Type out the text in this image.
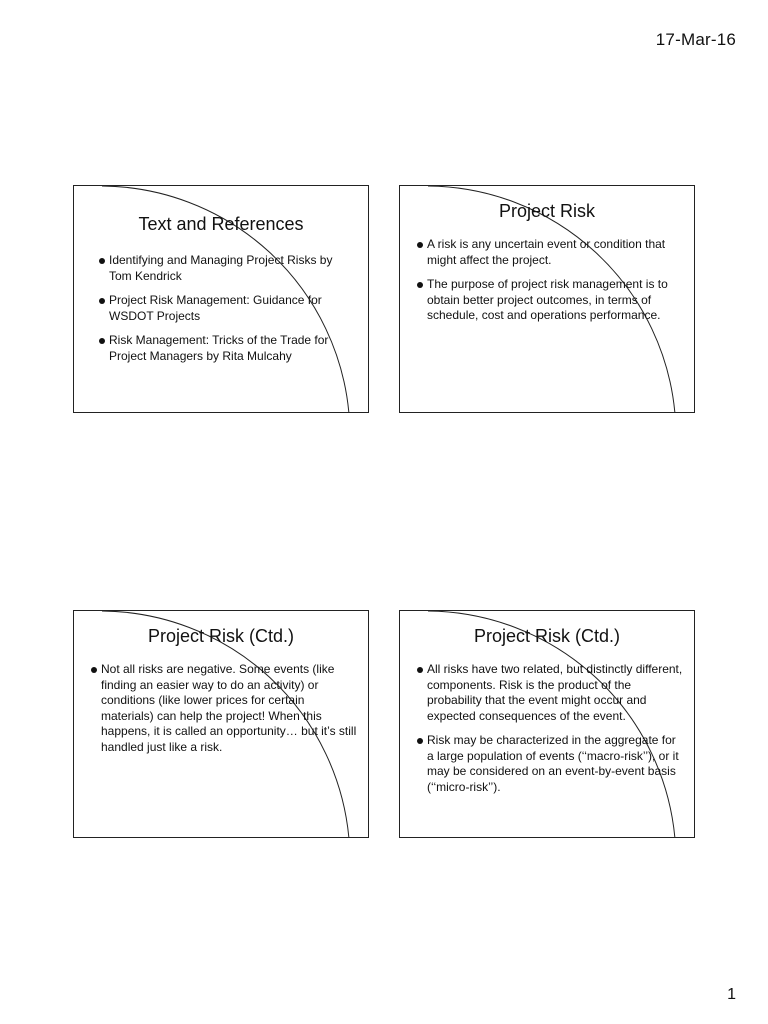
17-Mar-16
Text and References
Identifying and Managing Project Risks by Tom Kendrick
Project Risk Management: Guidance for WSDOT Projects
Risk Management: Tricks of the Trade for Project Managers by Rita Mulcahy
Project Risk
A risk is any uncertain event or condition that might affect the project.
The purpose of project risk management is to obtain better project outcomes, in terms of schedule, cost and operations performance.
Project Risk (Ctd.)
Not all risks are negative. Some events (like finding an easier way to do an activity) or conditions (like lower prices for certain materials) can help the project! When this happens, it is called an opportunity… but it’s still handled just like a risk.
Project Risk (Ctd.)
All risks have two related, but distinctly different, components. Risk is the product of the probability that the event might occur and expected consequences of the event.
Risk may be characterized in the aggregate for a large population of events (‘‘macro-risk’’), or it may be considered on an event-by-event basis (‘‘micro-risk’’).
1
